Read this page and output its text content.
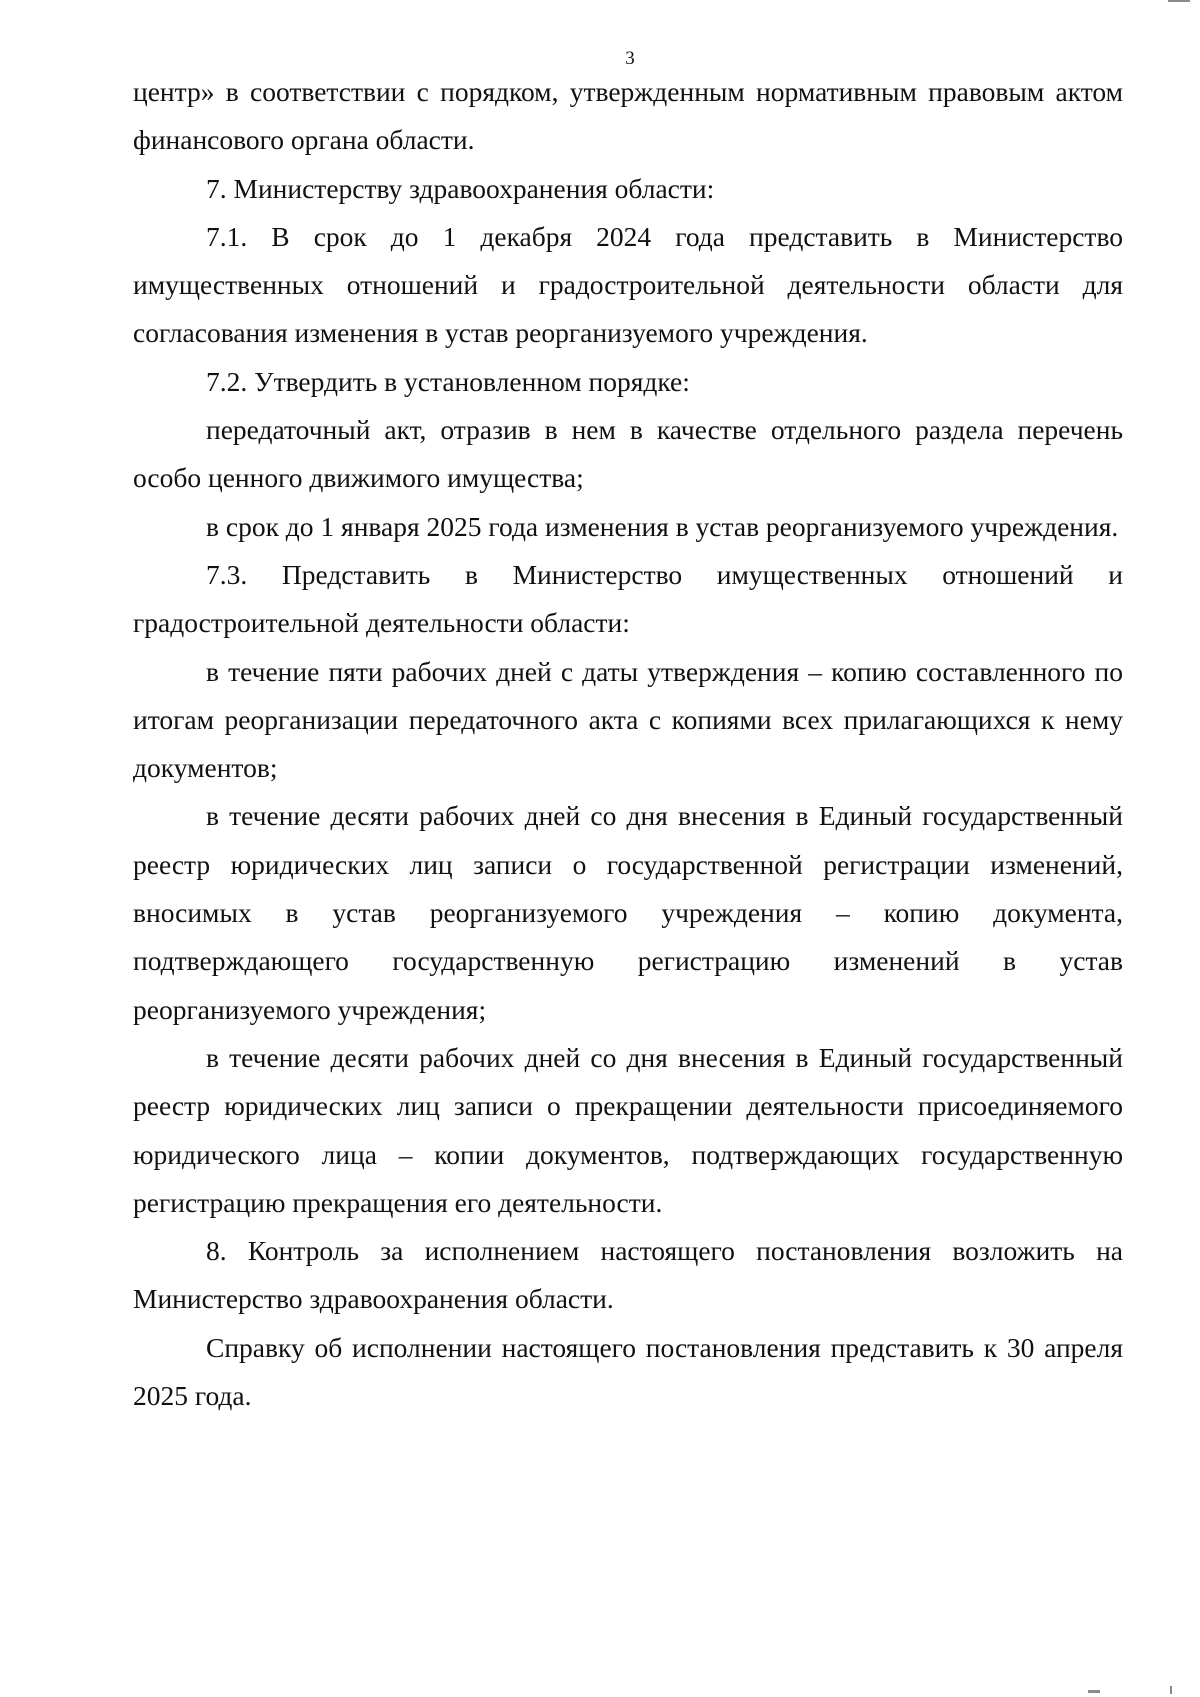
3

центр» в соответствии с порядком, утвержденным нормативным правовым актом финансового органа области.

7. Министерству здравоохранения области:

7.1. В срок до 1 декабря 2024 года представить в Министерство имущественных отношений и градостроительной деятельности области для согласования изменения в устав реорганизуемого учреждения.

7.2. Утвердить в установленном порядке:

передаточный акт, отразив в нем в качестве отдельного раздела перечень особо ценного движимого имущества;

в срок до 1 января 2025 года изменения в устав реорганизуемого учреждения.

7.3. Представить в Министерство имущественных отношений и градостроительной деятельности области:

в течение пяти рабочих дней с даты утверждения – копию составленного по итогам реорганизации передаточного акта с копиями всех прилагающихся к нему документов;

в течение десяти рабочих дней со дня внесения в Единый государственный реестр юридических лиц записи о государственной регистрации изменений, вносимых в устав реорганизуемого учреждения – копию документа, подтверждающего государственную регистрацию изменений в устав реорганизуемого учреждения;

в течение десяти рабочих дней со дня внесения в Единый государственный реестр юридических лиц записи о прекращении деятельности присоединяемого юридического лица – копии документов, подтверждающих государственную регистрацию прекращения его деятельности.

8. Контроль за исполнением настоящего постановления возложить на Министерство здравоохранения области.

Справку об исполнении настоящего постановления представить к 30 апреля 2025 года.
